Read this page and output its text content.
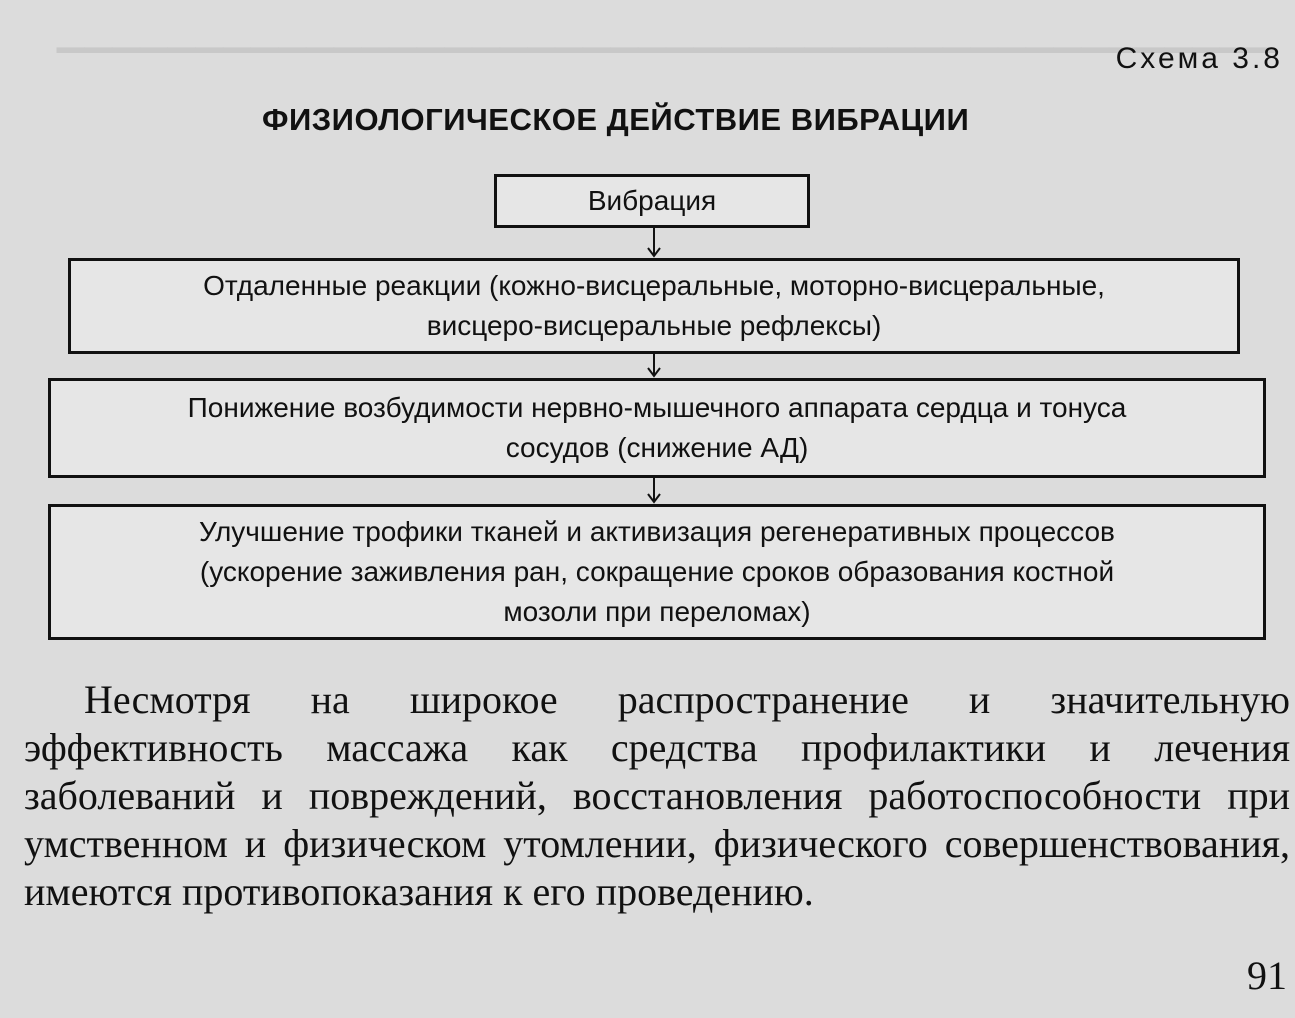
▁▁▁▁▁▁▁▁▁▁▁▁▁▁▁▁▁▁▁▁▁▁▁▁▁▁▁▁▁▁▁▁▁▁▁▁▁▁▁▁▁▁▁▁
Схема 3.8
ФИЗИОЛОГИЧЕСКОЕ ДЕЙСТВИЕ ВИБРАЦИИ
Вибрация
Отдаленные реакции (кожно-висцеральные, моторно-висцеральные,
висцеро-висцеральные рефлексы)
Понижение возбудимости нервно-мышечного аппарата сердца и тонуса
сосудов (снижение АД)
Улучшение трофики тканей и активизация регенеративных процессов
(ускорение заживления ран, сокращение сроков образования костной
мозоли при переломах)

Несмотря на широкое распространение и значительную эффективность массажа как средства профилактики и лечения заболеваний и повреждений, восстановления работоспособности при умственном и физическом утомлении, физического совершенствования, имеются противопоказания к его проведению.

91
